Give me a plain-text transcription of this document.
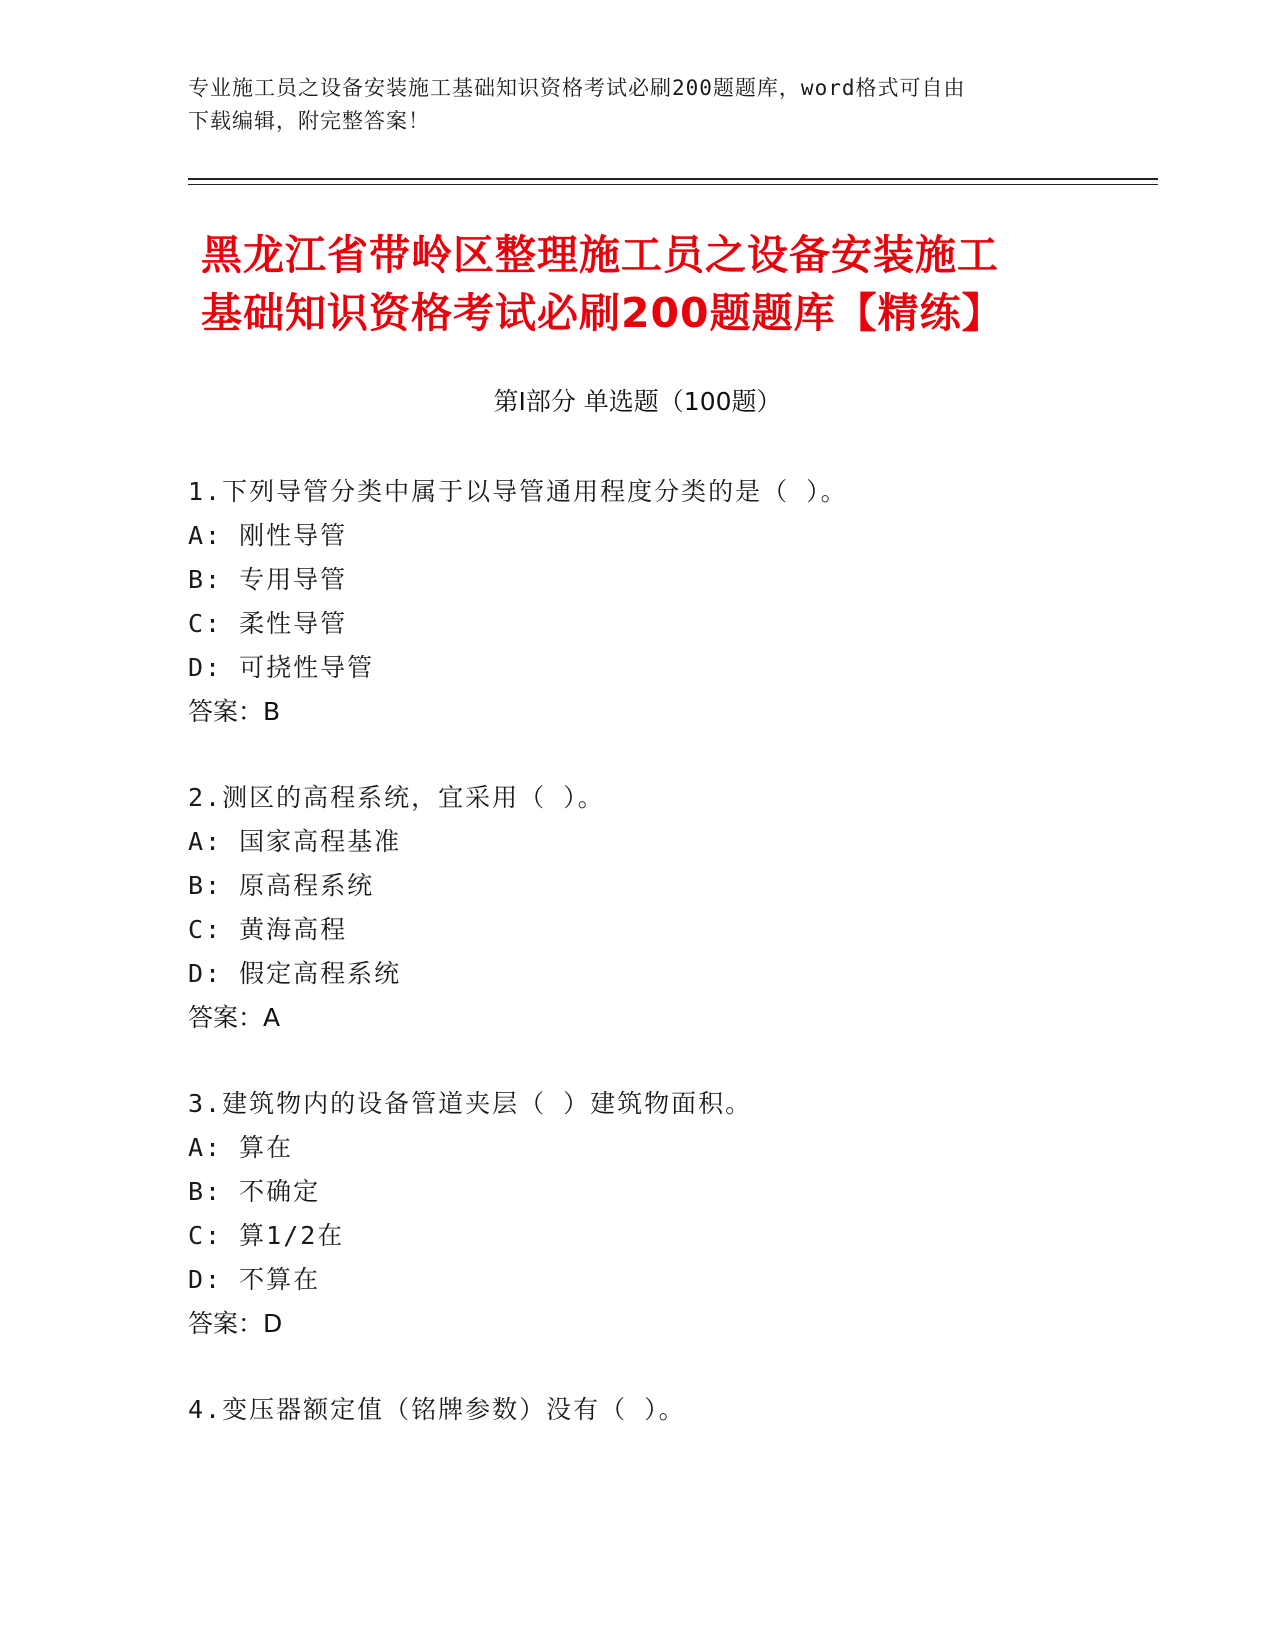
专业施工员之设备安装施工基础知识资格考试必刷200题题库，word格式可自由
下载编辑，附完整答案！
黑龙江省带岭区整理施工员之设备安装施工
基础知识资格考试必刷200题题库【精练】
第Ⅰ部分 单选题（100题）
1.下列导管分类中属于以导管通用程度分类的是（ ）。
A: 刚性导管
B: 专用导管
C: 柔性导管
D: 可挠性导管
答案：B
2.测区的高程系统，宜采用（ ）。
A: 国家高程基准
B: 原高程系统
C: 黄海高程
D: 假定高程系统
答案：A
3.建筑物内的设备管道夹层（ ）建筑物面积。
A: 算在
B: 不确定
C: 算1/2在
D: 不算在
答案：D
4.变压器额定值（铭牌参数）没有（ ）。
